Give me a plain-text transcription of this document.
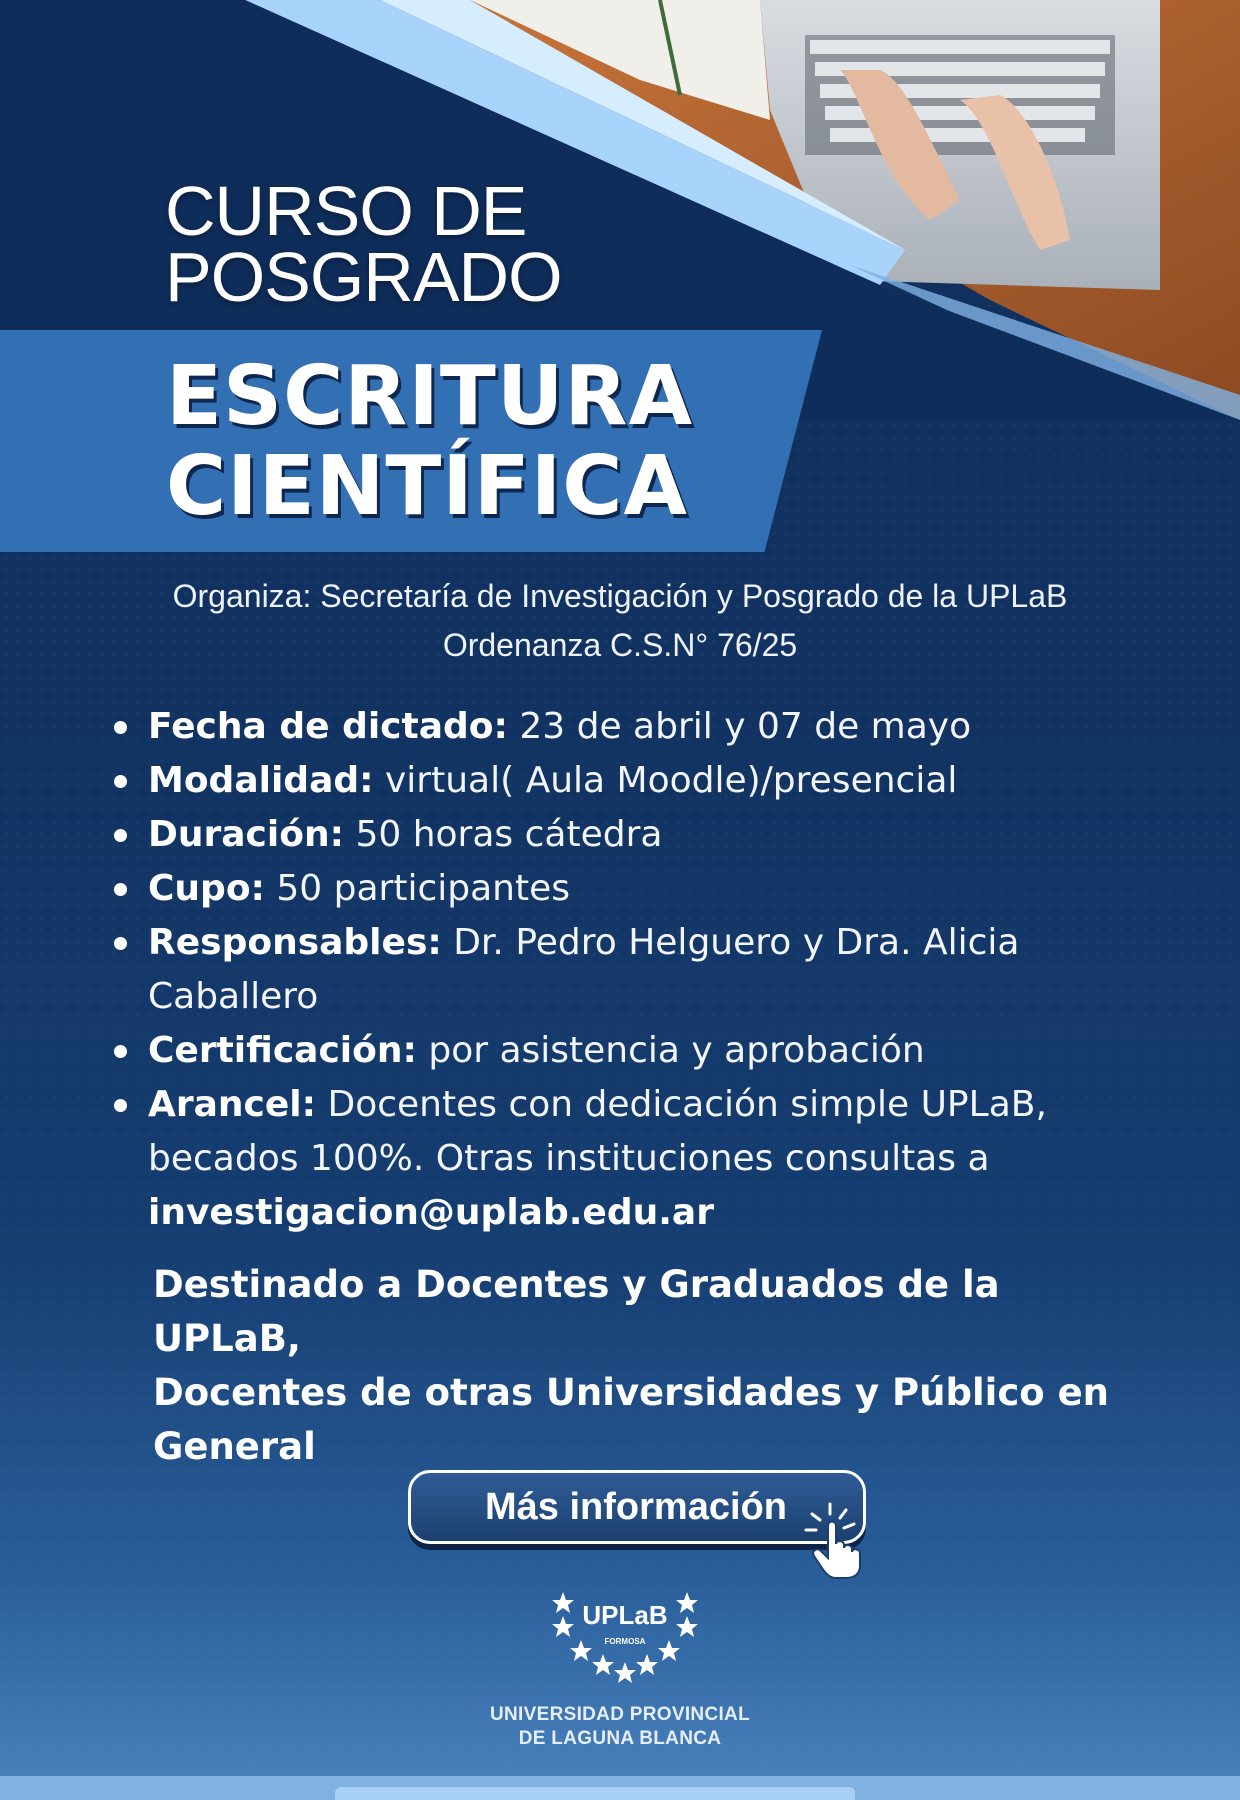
CURSO DE
POSGRADO
ESCRITURA
CIENTÍFICA
Organiza: Secretaría de Investigación y Posgrado de la UPLaB
Ordenanza C.S.N° 76/25
Fecha de dictado: 23 de abril y 07 de mayo
Modalidad: virtual( Aula Moodle)/presencial
Duración: 50 horas cátedra
Cupo: 50 participantes
Responsables: Dr. Pedro Helguero y Dra. Alicia Caballero
Certificación: por asistencia y aprobación
Arancel: Docentes con dedicación simple UPLaB, becados 100%. Otras instituciones consultas a
investigacion@uplab.edu.ar
Destinado a Docentes y Graduados de la UPLaB,
Docentes de otras Universidades y Público en
General
Más información
UPLaB
FORMOSA
UNIVERSIDAD PROVINCIAL
DE LAGUNA BLANCA
